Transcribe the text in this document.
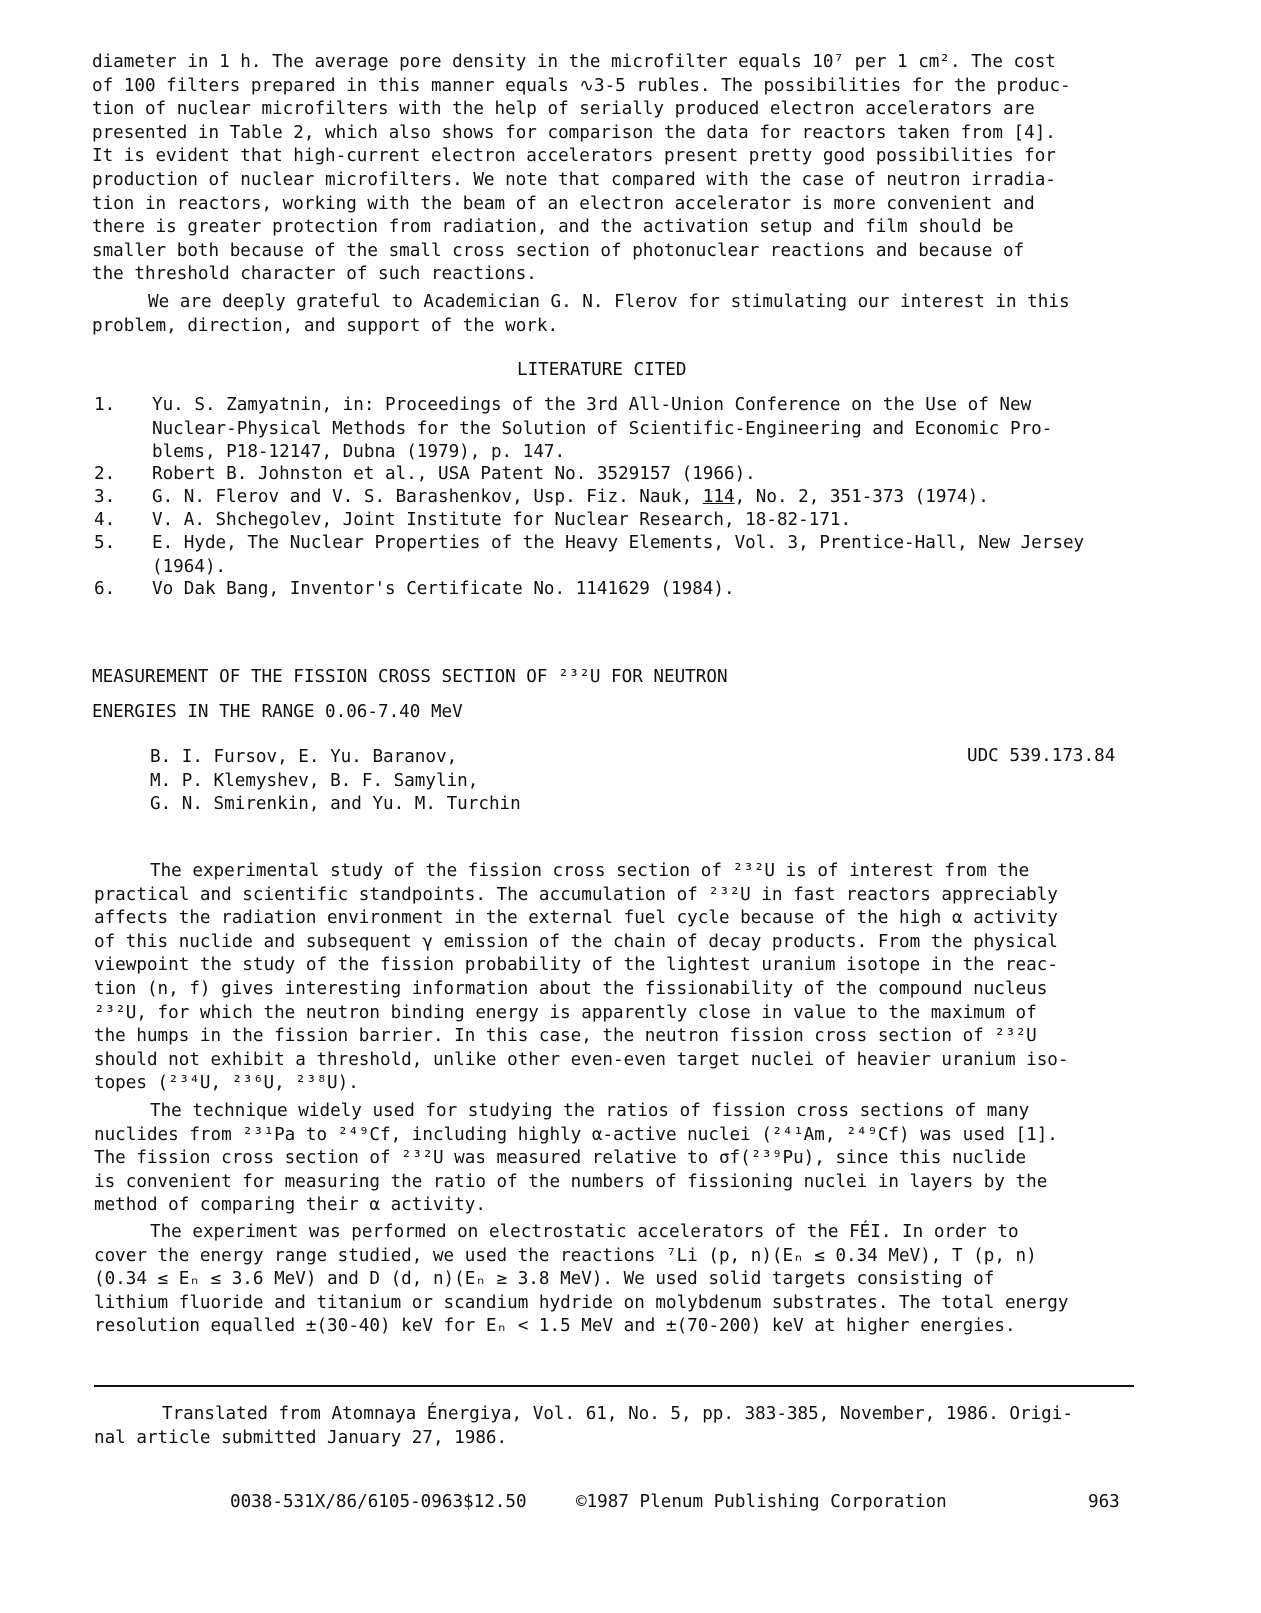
diameter in 1 h. The average pore density in the microfilter equals 10⁷ per 1 cm². The cost
of 100 filters prepared in this manner equals ∿3-5 rubles. The possibilities for the produc-
tion of nuclear microfilters with the help of serially produced electron accelerators are
presented in Table 2, which also shows for comparison the data for reactors taken from [4].
It is evident that high-current electron accelerators present pretty good possibilities for
production of nuclear microfilters. We note that compared with the case of neutron irradia-
tion in reactors, working with the beam of an electron accelerator is more convenient and
there is greater protection from radiation, and the activation setup and film should be
smaller both because of the small cross section of photonuclear reactions and because of
the threshold character of such reactions.
We are deeply grateful to Academician G. N. Flerov for stimulating our interest in this
problem, direction, and support of the work.
LITERATURE CITED
1. Yu. S. Zamyatnin, in: Proceedings of the 3rd All-Union Conference on the Use of New
Nuclear-Physical Methods for the Solution of Scientific-Engineering and Economic Pro-
blems, P18-12147, Dubna (1979), p. 147.
2. Robert B. Johnston et al., USA Patent No. 3529157 (1966).
3. G. N. Flerov and V. S. Barashenkov, Usp. Fiz. Nauk, 114, No. 2, 351-373 (1974).
4. V. A. Shchegolev, Joint Institute for Nuclear Research, 18-82-171.
5. E. Hyde, The Nuclear Properties of the Heavy Elements, Vol. 3, Prentice-Hall, New Jersey
(1964).
6. Vo Dak Bang, Inventor's Certificate No. 1141629 (1984).
MEASUREMENT OF THE FISSION CROSS SECTION OF ²³²U FOR NEUTRON
ENERGIES IN THE RANGE 0.06-7.40 MeV
B. I. Fursov, E. Yu. Baranov,
M. P. Klemyshev, B. F. Samylin,
G. N. Smirenkin, and Yu. M. Turchin
UDC 539.173.84
The experimental study of the fission cross section of ²³²U is of interest from the
practical and scientific standpoints. The accumulation of ²³²U in fast reactors appreciably
affects the radiation environment in the external fuel cycle because of the high α activity
of this nuclide and subsequent γ emission of the chain of decay products. From the physical
viewpoint the study of the fission probability of the lightest uranium isotope in the reac-
tion (n, f) gives interesting information about the fissionability of the compound nucleus
²³²U, for which the neutron binding energy is apparently close in value to the maximum of
the humps in the fission barrier. In this case, the neutron fission cross section of ²³²U
should not exhibit a threshold, unlike other even-even target nuclei of heavier uranium iso-
topes (²³⁴U, ²³⁶U, ²³⁸U).
The technique widely used for studying the ratios of fission cross sections of many
nuclides from ²³¹Pa to ²⁴⁹Cf, including highly α-active nuclei (²⁴¹Am, ²⁴⁹Cf) was used [1].
The fission cross section of ²³²U was measured relative to σf(²³⁹Pu), since this nuclide
is convenient for measuring the ratio of the numbers of fissioning nuclei in layers by the
method of comparing their α activity.
The experiment was performed on electrostatic accelerators of the FÉI. In order to
cover the energy range studied, we used the reactions ⁷Li (p, n)(Eₙ ≤ 0.34 MeV), T (p, n)
(0.34 ≤ Eₙ ≤ 3.6 MeV) and D (d, n)(Eₙ ≥ 3.8 MeV). We used solid targets consisting of
lithium fluoride and titanium or scandium hydride on molybdenum substrates. The total energy
resolution equalled ±(30-40) keV for Eₙ < 1.5 MeV and ±(70-200) keV at higher energies.
Translated from Atomnaya Énergiya, Vol. 61, No. 5, pp. 383-385, November, 1986. Origi-
nal article submitted January 27, 1986.
0038-531X/86/6105-0963$12.50	©1987 Plenum Publishing Corporation	963
